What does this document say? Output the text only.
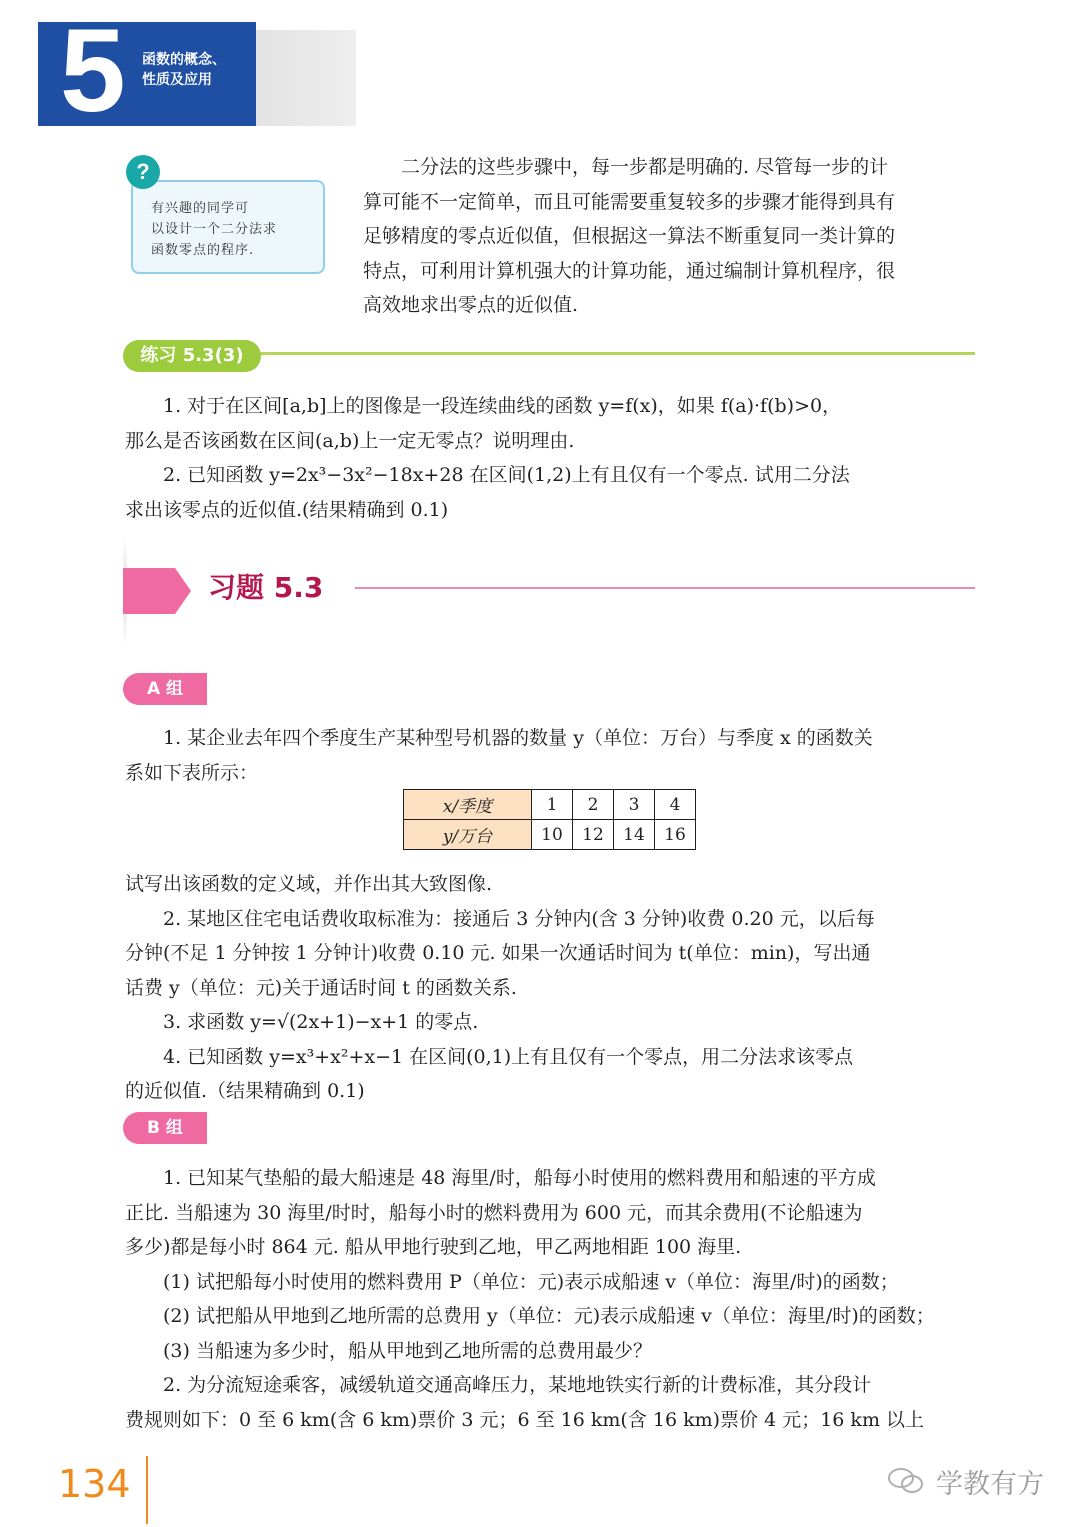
5 函数的概念、
性质及应用
有兴趣的同学可
以设计一个二分法求
函数零点的程序.
?	二分法的这些步骤中，每一步都是明确的. 尽管每一步的计
算可能不一定简单，而且可能需要重复较多的步骤才能得到具有
足够精度的零点近似值，但根据这一算法不断重复同一类计算的
特点，可利用计算机强大的计算功能，通过编制计算机程序，很
高效地求出零点的近似值.
练习 5.3(3)
1. 对于在区间[a,b]上的图像是一段连续曲线的函数 y=f(x)，如果 f(a)·f(b)>0，
那么是否该函数在区间(a,b)上一定无零点？说明理由.
2. 已知函数 y=2x³−3x²−18x+28 在区间(1,2)上有且仅有一个零点. 试用二分法
求出该零点的近似值.(结果精确到 0.1)
习题 5.3
A 组
1. 某企业去年四个季度生产某种型号机器的数量 y（单位：万台）与季度 x 的函数关
系如下表所示：
x/季度	1	2	3	4
y/万台	10	12	14	16
试写出该函数的定义域，并作出其大致图像.
2. 某地区住宅电话费收取标准为：接通后 3 分钟内(含 3 分钟)收费 0.20 元，以后每
分钟(不足 1 分钟按 1 分钟计)收费 0.10 元. 如果一次通话时间为 t(单位：min)，写出通
话费 y（单位：元)关于通话时间 t 的函数关系.
3. 求函数 y=√(2x+1)−x+1 的零点.
4. 已知函数 y=x³+x²+x−1 在区间(0,1)上有且仅有一个零点，用二分法求该零点
的近似值.（结果精确到 0.1)
B 组
1. 已知某气垫船的最大船速是 48 海里/时，船每小时使用的燃料费用和船速的平方成
正比. 当船速为 30 海里/时时，船每小时的燃料费用为 600 元，而其余费用(不论船速为
多少)都是每小时 864 元. 船从甲地行驶到乙地，甲乙两地相距 100 海里.
(1) 试把船每小时使用的燃料费用 P（单位：元)表示成船速 v（单位：海里/时)的函数；
(2) 试把船从甲地到乙地所需的总费用 y（单位：元)表示成船速 v（单位：海里/时)的函数；
(3) 当船速为多少时，船从甲地到乙地所需的总费用最少？
2. 为分流短途乘客，减缓轨道交通高峰压力，某地地铁实行新的计费标准，其分段计
费规则如下：0 至 6 km(含 6 km)票价 3 元；6 至 16 km(含 16 km)票价 4 元；16 km 以上
134	学教有方
